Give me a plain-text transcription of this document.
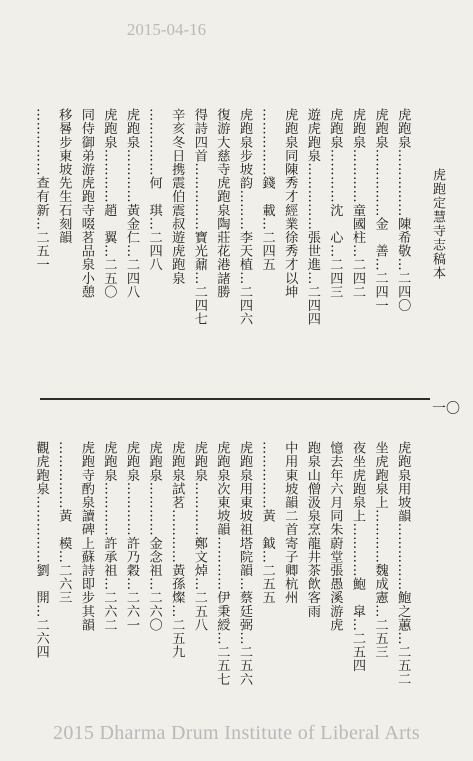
2015-04-16
虎跑定慧寺志稿本
一〇
虎跑泉……………陳希敬…二四〇
虎跑泉……………金　善…二四一
虎跑泉…………童國柱…二四二
虎跑泉…………沈　心…二四三
遊虎跑泉……………張世進…二四四
虎跑泉同陳秀才經業徐秀才以坤
……………錢　載…二四五
虎跑泉步坡韵………李天植…二四六
復游大慈寺虎跑泉陶莊花港諸勝
得詩四首……………寶光鼐…二四七
辛亥冬日携震伯震叔遊虎跑泉
……………何　琪…二四八
虎跑泉…………黃金仁…二四八
虎跑泉…………趙　翼…二五〇
同侍御弟游虎跑寺啜茗品泉小憩
移晷步東坡先生石刻韻
……………查有新…二五一
虎跑泉用坡韻……………鮑之蕙…二五二
坐虎跑泉上…………魏成憲…二五三
夜坐虎跑泉上…………鮑　皐…二五四
憶去年六月同朱蔚堂張愚溪游虎
跑泉山僧汲泉烹龍井茶飲客雨
中用東坡韻二首寄子卿杭州
……………黃　鉞…二五五
虎跑泉用東坡祖塔院韻…蔡廷弼…二五六
虎跑泉次東坡韻…………伊秉綬…二五七
虎跑泉…………鄭文焯…二五八
虎跑泉試茗…………黃孫燦…二五九
虎跑泉…………金念祖…二六〇
虎跑泉…………許乃穀…二六一
虎跑泉…………許承祖…二六二
虎跑寺酌泉讀碑上蘇詩即步其韻
……………黃　模…二六三
觀虎跑泉……………劉　開…二六四
2015 Dharma Drum Institute of Liberal Arts
